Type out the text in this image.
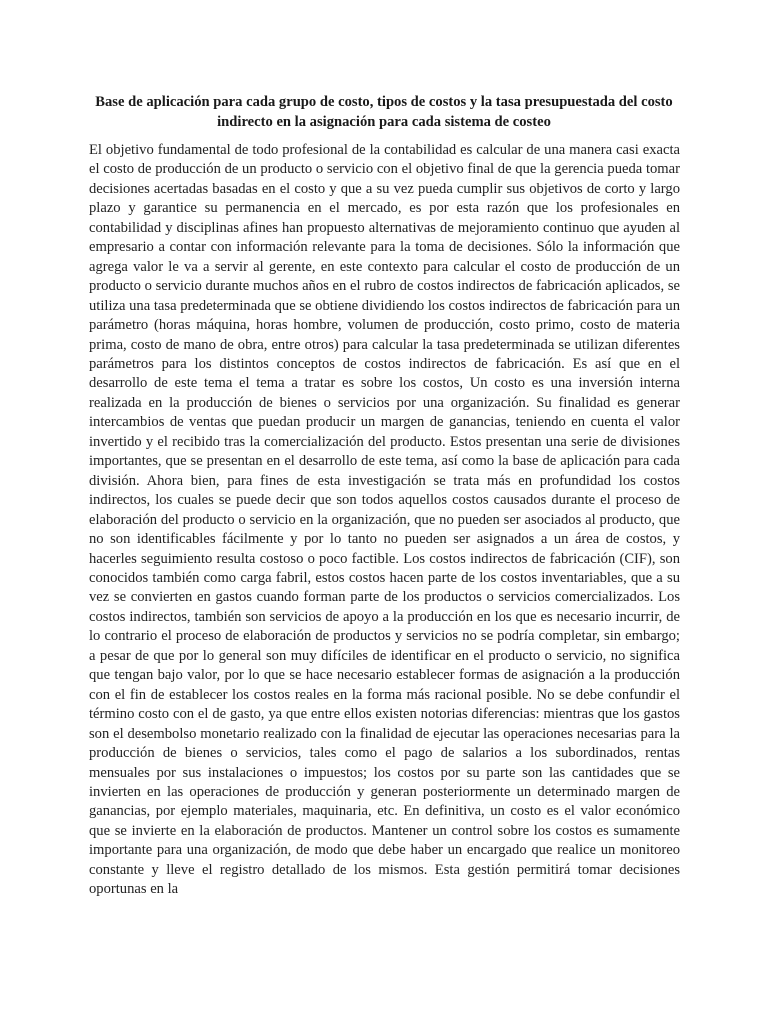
Base de aplicación para cada grupo de costo, tipos de costos y la tasa presupuestada del costo indirecto en la asignación para cada sistema de costeo

El objetivo fundamental de todo profesional de la contabilidad es calcular de una manera casi exacta el costo de producción de un producto o servicio con el objetivo final de que la gerencia pueda tomar decisiones acertadas basadas en el costo y que a su vez pueda cumplir sus objetivos de corto y largo plazo y garantice su permanencia en el mercado, es por esta razón que los profesionales en contabilidad y disciplinas afines han propuesto alternativas de mejoramiento continuo que ayuden al empresario a contar con información relevante para la toma de decisiones. Sólo la información que agrega valor le va a servir al gerente, en este contexto para calcular el costo de producción de un producto o servicio durante muchos años en el rubro de costos indirectos de fabricación aplicados, se utiliza una tasa predeterminada que se obtiene dividiendo los costos indirectos de fabricación para un parámetro (horas máquina, horas hombre, volumen de producción, costo primo, costo de materia prima, costo de mano de obra, entre otros) para calcular la tasa predeterminada se utilizan diferentes parámetros para los distintos conceptos de costos indirectos de fabricación. Es así que en el desarrollo de este tema el tema a tratar es sobre los costos, Un costo es una inversión interna realizada en la producción de bienes o servicios por una organización. Su finalidad es generar intercambios de ventas que puedan producir un margen de ganancias, teniendo en cuenta el valor invertido y el recibido tras la comercialización del producto. Estos presentan una serie de divisiones importantes, que se presentan en el desarrollo de este tema, así como la base de aplicación para cada división. Ahora bien, para fines de esta investigación se trata más en profundidad los costos indirectos, los cuales se puede decir que son todos aquellos costos causados durante el proceso de elaboración del producto o servicio en la organización, que no pueden ser asociados al producto, que no son identificables fácilmente y por lo tanto no pueden ser asignados a un área de costos, y hacerles seguimiento resulta costoso o poco factible. Los costos indirectos de fabricación (CIF), son conocidos también como carga fabril, estos costos hacen parte de los costos inventariables, que a su vez se convierten en gastos cuando forman parte de los productos o servicios comercializados. Los costos indirectos, también son servicios de apoyo a la producción en los que es necesario incurrir, de lo contrario el proceso de elaboración de productos y servicios no se podría completar, sin embargo; a pesar de que por lo general son muy difíciles de identificar en el producto o servicio, no significa que tengan bajo valor, por lo que se hace necesario establecer formas de asignación a la producción con el fin de establecer los costos reales en la forma más racional posible. No se debe confundir el término costo con el de gasto, ya que entre ellos existen notorias diferencias: mientras que los gastos son el desembolso monetario realizado con la finalidad de ejecutar las operaciones necesarias para la producción de bienes o servicios, tales como el pago de salarios a los subordinados, rentas mensuales por sus instalaciones o impuestos; los costos por su parte son las cantidades que se invierten en las operaciones de producción y generan posteriormente un determinado margen de ganancias, por ejemplo materiales, maquinaria, etc. En definitiva, un costo es el valor económico que se invierte en la elaboración de productos. Mantener un control sobre los costos es sumamente importante para una organización, de modo que debe haber un encargado que realice un monitoreo constante y lleve el registro detallado de los mismos. Esta gestión permitirá tomar decisiones oportunas en la
